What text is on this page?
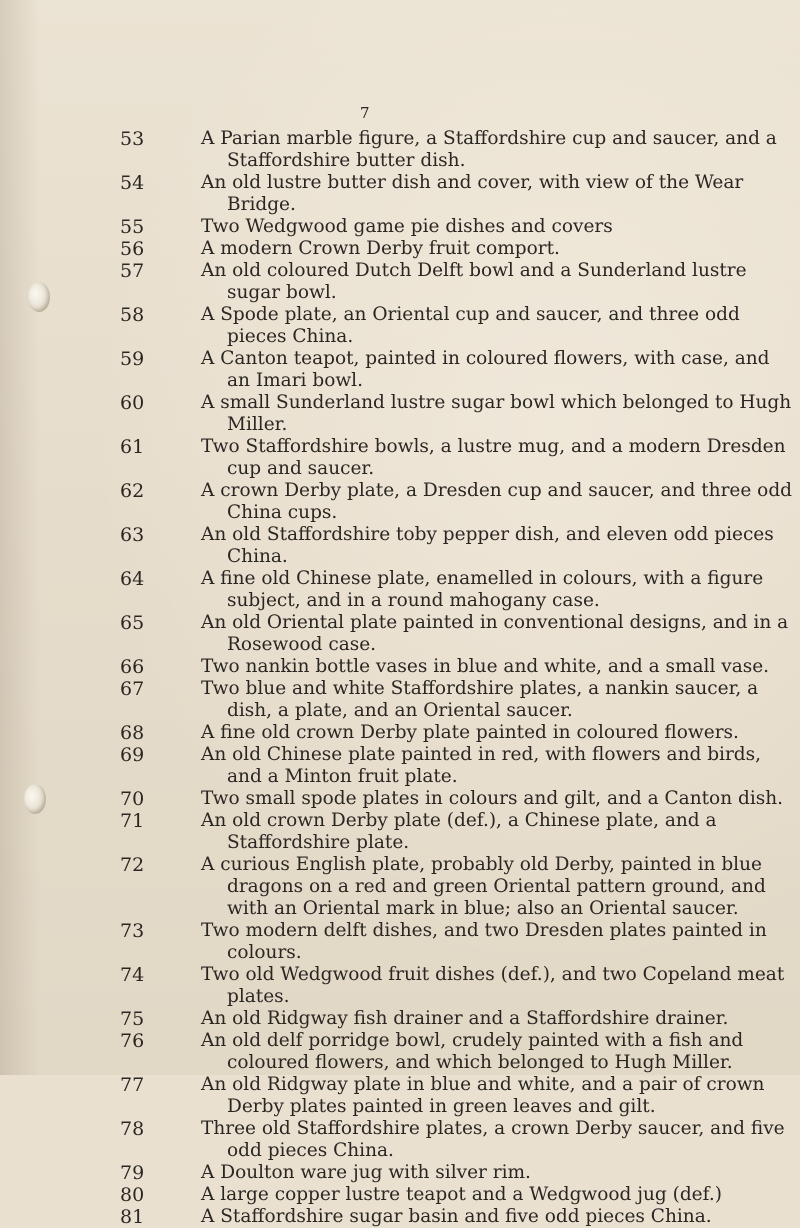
7
53	A Parian marble figure, a Staffordshire cup and saucer, and a Staffordshire butter dish.
54	An old lustre butter dish and cover, with view of the Wear Bridge.
55	Two Wedgwood game pie dishes and covers
56	A modern Crown Derby fruit comport.
57	An old coloured Dutch Delft bowl and a Sunderland lustre sugar bowl.
58	A Spode plate, an Oriental cup and saucer, and three odd pieces China.
59	A Canton teapot, painted in coloured flowers, with case, and an Imari bowl.
60	A small Sunderland lustre sugar bowl which belonged to Hugh Miller.
61	Two Staffordshire bowls, a lustre mug, and a modern Dresden cup and saucer.
62	A crown Derby plate, a Dresden cup and saucer, and three odd China cups.
63	An old Staffordshire toby pepper dish, and eleven odd pieces China.
64	A fine old Chinese plate, enamelled in colours, with a figure subject, and in a round mahogany case.
65	An old Oriental plate painted in conventional designs, and in a Rosewood case.
66	Two nankin bottle vases in blue and white, and a small vase.
67	Two blue and white Staffordshire plates, a nankin saucer, a dish, a plate, and an Oriental saucer.
68	A fine old crown Derby plate painted in coloured flowers.
69	An old Chinese plate painted in red, with flowers and birds, and a Minton fruit plate.
70	Two small spode plates in colours and gilt, and a Canton dish.
71	An old crown Derby plate (def.), a Chinese plate, and a Staffordshire plate.
72	A curious English plate, probably old Derby, painted in blue dragons on a red and green Oriental pattern ground, and with an Oriental mark in blue; also an Oriental saucer.
73	Two modern delft dishes, and two Dresden plates painted in colours.
74	Two old Wedgwood fruit dishes (def.), and two Copeland meat plates.
75	An old Ridgway fish drainer and a Staffordshire drainer.
76	An old delf porridge bowl, crudely painted with a fish and coloured flowers, and which belonged to Hugh Miller.
77	An old Ridgway plate in blue and white, and a pair of crown Derby plates painted in green leaves and gilt.
78	Three old Staffordshire plates, a crown Derby saucer, and five odd pieces China.
79	A Doulton ware jug with silver rim.
80	A large copper lustre teapot and a Wedgwood jug (def.)
81	A Staffordshire sugar basin and five odd pieces China.
